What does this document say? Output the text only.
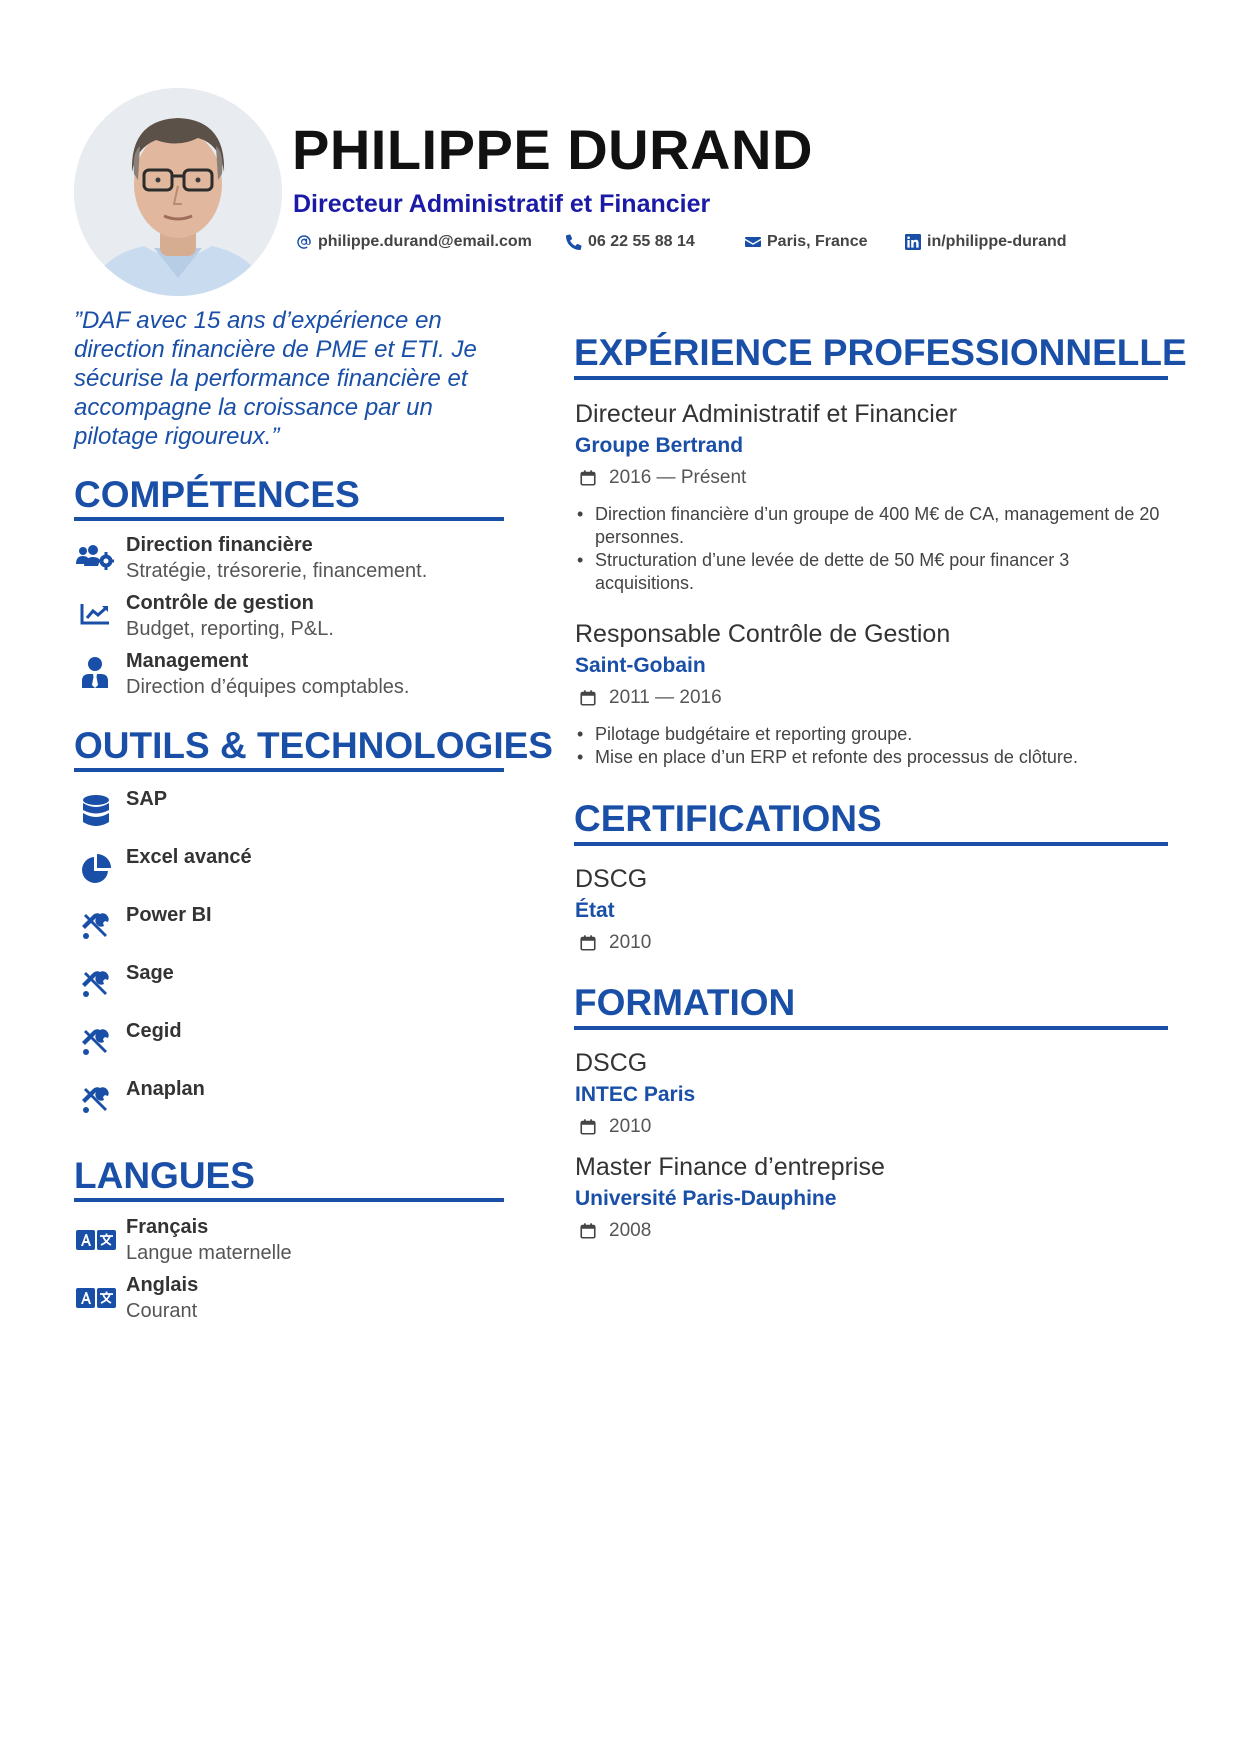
PHILIPPE DURAND
Directeur Administratif et Financier
philippe.durand@email.com	06 22 55 88 14	Paris, France	in/philippe-durand
”DAF avec 15 ans d’expérience en direction financière de PME et ETI. Je sécurise la performance financière et accompagne la croissance par un pilotage rigoureux.”
COMPÉTENCES
Direction financière
Stratégie, trésorerie, financement.
Contrôle de gestion
Budget, reporting, P&L.
Management
Direction d’équipes comptables.
OUTILS & TECHNOLOGIES
SAP
Excel avancé
Power BI
Sage
Cegid
Anaplan
LANGUES
Français
Langue maternelle
Anglais
Courant
EXPÉRIENCE PROFESSIONNELLE
Directeur Administratif et Financier
Groupe Bertrand
2016 — Présent
• Direction financière d’un groupe de 400 M€ de CA, management de 20 personnes.
• Structuration d’une levée de dette de 50 M€ pour financer 3 acquisitions.
Responsable Contrôle de Gestion
Saint-Gobain
2011 — 2016
• Pilotage budgétaire et reporting groupe.
• Mise en place d’un ERP et refonte des processus de clôture.
CERTIFICATIONS
DSCG
État
2010
FORMATION
DSCG
INTEC Paris
2010
Master Finance d’entreprise
Université Paris-Dauphine
2008
